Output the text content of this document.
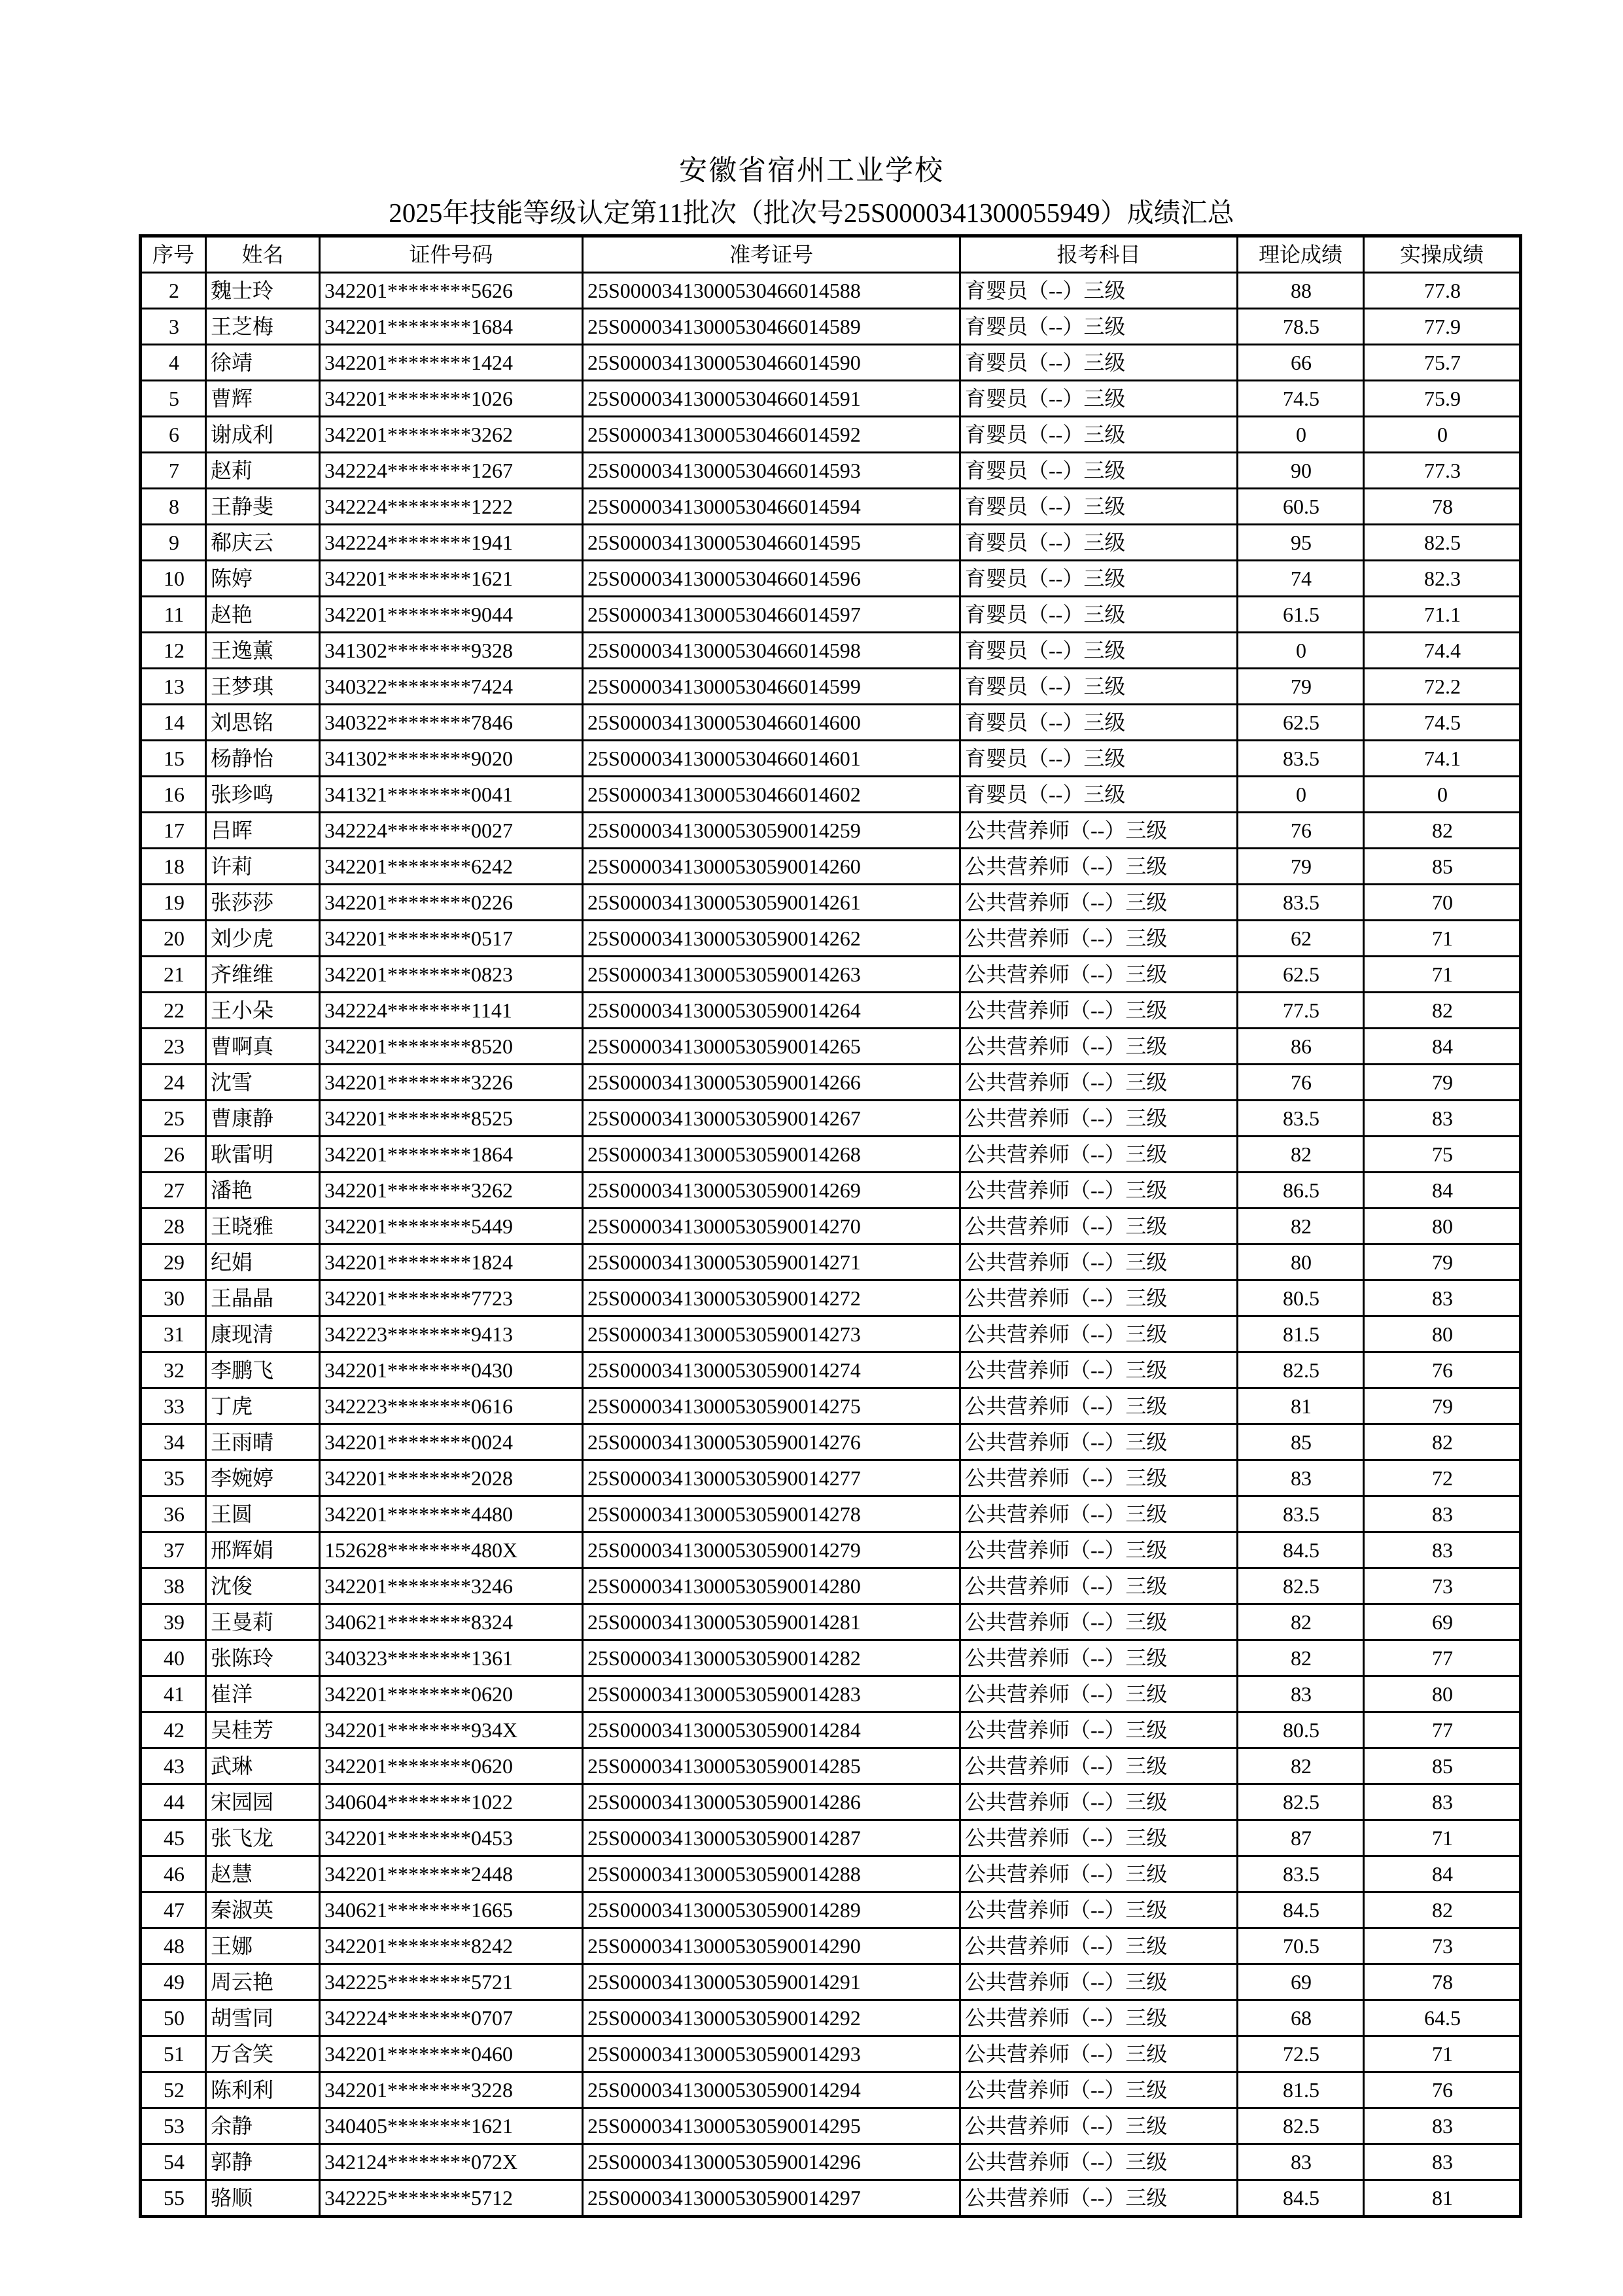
安徽省宿州工业学校
2025年技能等级认定第11批次（批次号25S0000341300055949）成绩汇总
序号	姓名	证件号码	准考证号	报考科目	理论成绩	实操成绩
2	魏士玲	342201********5626	25S00003413000530466014588	育婴员（--）三级	88	77.8
3	王芝梅	342201********1684	25S00003413000530466014589	育婴员（--）三级	78.5	77.9
4	徐靖	342201********1424	25S00003413000530466014590	育婴员（--）三级	66	75.7
5	曹辉	342201********1026	25S00003413000530466014591	育婴员（--）三级	74.5	75.9
6	谢成利	342201********3262	25S00003413000530466014592	育婴员（--）三级	0	0
7	赵莉	342224********1267	25S00003413000530466014593	育婴员（--）三级	90	77.3
8	王静斐	342224********1222	25S00003413000530466014594	育婴员（--）三级	60.5	78
9	郗庆云	342224********1941	25S00003413000530466014595	育婴员（--）三级	95	82.5
10	陈婷	342201********1621	25S00003413000530466014596	育婴员（--）三级	74	82.3
11	赵艳	342201********9044	25S00003413000530466014597	育婴员（--）三级	61.5	71.1
12	王逸薰	341302********9328	25S00003413000530466014598	育婴员（--）三级	0	74.4
13	王梦琪	340322********7424	25S00003413000530466014599	育婴员（--）三级	79	72.2
14	刘思铭	340322********7846	25S00003413000530466014600	育婴员（--）三级	62.5	74.5
15	杨静怡	341302********9020	25S00003413000530466014601	育婴员（--）三级	83.5	74.1
16	张珍鸣	341321********0041	25S00003413000530466014602	育婴员（--）三级	0	0
17	吕晖	342224********0027	25S00003413000530590014259	公共营养师（--）三级	76	82
18	许莉	342201********6242	25S00003413000530590014260	公共营养师（--）三级	79	85
19	张莎莎	342201********0226	25S00003413000530590014261	公共营养师（--）三级	83.5	70
20	刘少虎	342201********0517	25S00003413000530590014262	公共营养师（--）三级	62	71
21	齐维维	342201********0823	25S00003413000530590014263	公共营养师（--）三级	62.5	71
22	王小朵	342224********1141	25S00003413000530590014264	公共营养师（--）三级	77.5	82
23	曹啊真	342201********8520	25S00003413000530590014265	公共营养师（--）三级	86	84
24	沈雪	342201********3226	25S00003413000530590014266	公共营养师（--）三级	76	79
25	曹康静	342201********8525	25S00003413000530590014267	公共营养师（--）三级	83.5	83
26	耿雷明	342201********1864	25S00003413000530590014268	公共营养师（--）三级	82	75
27	潘艳	342201********3262	25S00003413000530590014269	公共营养师（--）三级	86.5	84
28	王晓雅	342201********5449	25S00003413000530590014270	公共营养师（--）三级	82	80
29	纪娟	342201********1824	25S00003413000530590014271	公共营养师（--）三级	80	79
30	王晶晶	342201********7723	25S00003413000530590014272	公共营养师（--）三级	80.5	83
31	康现清	342223********9413	25S00003413000530590014273	公共营养师（--）三级	81.5	80
32	李鹏飞	342201********0430	25S00003413000530590014274	公共营养师（--）三级	82.5	76
33	丁虎	342223********0616	25S00003413000530590014275	公共营养师（--）三级	81	79
34	王雨晴	342201********0024	25S00003413000530590014276	公共营养师（--）三级	85	82
35	李婉婷	342201********2028	25S00003413000530590014277	公共营养师（--）三级	83	72
36	王圆	342201********4480	25S00003413000530590014278	公共营养师（--）三级	83.5	83
37	邢辉娟	152628********480X	25S00003413000530590014279	公共营养师（--）三级	84.5	83
38	沈俊	342201********3246	25S00003413000530590014280	公共营养师（--）三级	82.5	73
39	王曼莉	340621********8324	25S00003413000530590014281	公共营养师（--）三级	82	69
40	张陈玲	340323********1361	25S00003413000530590014282	公共营养师（--）三级	82	77
41	崔洋	342201********0620	25S00003413000530590014283	公共营养师（--）三级	83	80
42	吴桂芳	342201********934X	25S00003413000530590014284	公共营养师（--）三级	80.5	77
43	武琳	342201********0620	25S00003413000530590014285	公共营养师（--）三级	82	85
44	宋园园	340604********1022	25S00003413000530590014286	公共营养师（--）三级	82.5	83
45	张飞龙	342201********0453	25S00003413000530590014287	公共营养师（--）三级	87	71
46	赵慧	342201********2448	25S00003413000530590014288	公共营养师（--）三级	83.5	84
47	秦淑英	340621********1665	25S00003413000530590014289	公共营养师（--）三级	84.5	82
48	王娜	342201********8242	25S00003413000530590014290	公共营养师（--）三级	70.5	73
49	周云艳	342225********5721	25S00003413000530590014291	公共营养师（--）三级	69	78
50	胡雪同	342224********0707	25S00003413000530590014292	公共营养师（--）三级	68	64.5
51	万含笑	342201********0460	25S00003413000530590014293	公共营养师（--）三级	72.5	71
52	陈利利	342201********3228	25S00003413000530590014294	公共营养师（--）三级	81.5	76
53	余静	340405********1621	25S00003413000530590014295	公共营养师（--）三级	82.5	83
54	郭静	342124********072X	25S00003413000530590014296	公共营养师（--）三级	83	83
55	骆顺	342225********5712	25S00003413000530590014297	公共营养师（--）三级	84.5	81
